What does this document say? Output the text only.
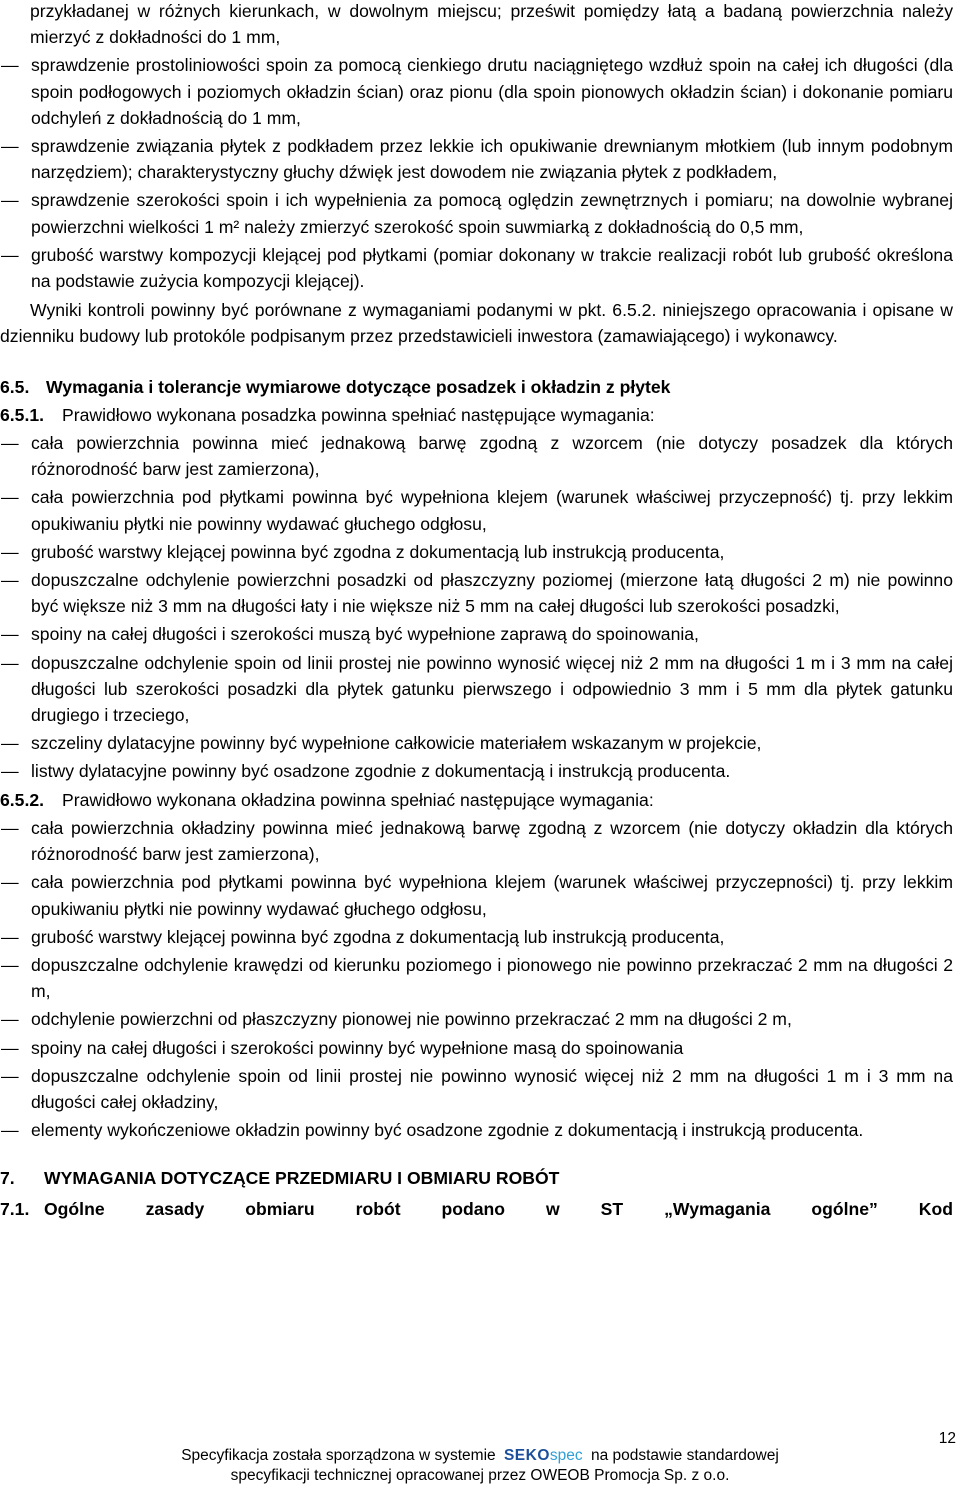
przykładanej w różnych kierunkach, w dowolnym miejscu; prześwit pomiędzy łatą a badaną powierzchnia należy mierzyć z dokładności do 1 mm,

— sprawdzenie prostoliniowości spoin za pomocą cienkiego drutu naciągniętego wzdłuż spoin na całej ich długości (dla spoin podłogowych i poziomych okładzin ścian) oraz pionu (dla spoin pionowych okładzin ścian) i dokonanie pomiaru odchyleń z dokładnością do 1 mm,
— sprawdzenie związania płytek z podkładem przez lekkie ich opukiwanie drewnianym młotkiem (lub innym podobnym narzędziem); charakterystyczny głuchy dźwięk jest dowodem nie związania płytek z podkładem,
— sprawdzenie szerokości spoin i ich wypełnienia za pomocą oględzin zewnętrznych i pomiaru; na dowolnie wybranej powierzchni wielkości 1 m² należy zmierzyć szerokość spoin suwmiarką z dokładnością do 0,5 mm,
— grubość warstwy kompozycji klejącej pod płytkami (pomiar dokonany w trakcie realizacji robót lub grubość określona na podstawie zużycia kompozycji klejącej).

Wyniki kontroli powinny być porównane z wymaganiami podanymi w pkt. 6.5.2. niniejszego opracowania i opisane w dzienniku budowy lub protokóle podpisanym przez przedstawicieli inwestora (zamawiającego) i wykonawcy.

6.5. Wymagania i tolerancje wymiarowe dotyczące posadzek i okładzin z płytek
6.5.1.	Prawidłowo wykonana posadzka powinna spełniać następujące wymagania:
— cała powierzchnia powinna mieć jednakową barwę zgodną z wzorcem (nie dotyczy posadzek dla których różnorodność barw jest zamierzona),
— cała powierzchnia pod płytkami powinna być wypełniona klejem (warunek właściwej przyczepność) tj. przy lekkim opukiwaniu płytki nie powinny wydawać głuchego odgłosu,
— grubość warstwy klejącej powinna być zgodna z dokumentacją lub instrukcją producenta,
— dopuszczalne odchylenie powierzchni posadzki od płaszczyzny poziomej (mierzone łatą długości 2 m) nie powinno być większe niż 3 mm na długości łaty i nie większe niż 5 mm na całej długości lub szerokości posadzki,
— spoiny na całej długości i szerokości muszą być wypełnione zaprawą do spoinowania,
— dopuszczalne odchylenie spoin od linii prostej nie powinno wynosić więcej niż 2 mm na długości 1 m i 3 mm na całej długości lub szerokości posadzki dla płytek gatunku pierwszego i odpowiednio 3 mm i 5 mm dla płytek gatunku drugiego i trzeciego,
— szczeliny dylatacyjne powinny być wypełnione całkowicie materiałem wskazanym w projekcie,
— listwy dylatacyjne powinny być osadzone zgodnie z dokumentacją i instrukcją producenta.
6.5.2.	Prawidłowo wykonana okładzina powinna spełniać następujące wymagania:
— cała powierzchnia okładziny powinna mieć jednakową barwę zgodną z wzorcem (nie dotyczy okładzin dla których różnorodność barw jest zamierzona),
— cała powierzchnia pod płytkami powinna być wypełniona klejem (warunek właściwej przyczepności) tj. przy lekkim opukiwaniu płytki nie powinny wydawać głuchego odgłosu,
— grubość warstwy klejącej powinna być zgodna z dokumentacją lub instrukcją producenta,
— dopuszczalne odchylenie krawędzi od kierunku poziomego i pionowego nie powinno przekraczać 2 mm na długości 2 m,
— odchylenie powierzchni od płaszczyzny pionowej nie powinno przekraczać 2 mm na długości 2 m,
— spoiny na całej długości i szerokości powinny być wypełnione masą do spoinowania
— dopuszczalne odchylenie spoin od linii prostej nie powinno wynosić więcej niż 2 mm na długości 1 m i 3 mm na długości całej okładziny,
— elementy wykończeniowe okładzin powinny być osadzone zgodnie z dokumentacją i instrukcją producenta.
7.	WYMAGANIA DOTYCZĄCE PRZEDMIARU I OBMIARU ROBÓT
7.1. Ogólne zasady obmiaru robót podano w ST „Wymagania ogólne” Kod
12
Specyfikacja została sporządzona w systemie SEKOspec na podstawie standardowej
specyfikacji technicznej opracowanej przez OWEOB Promocja Sp. z o.o.
